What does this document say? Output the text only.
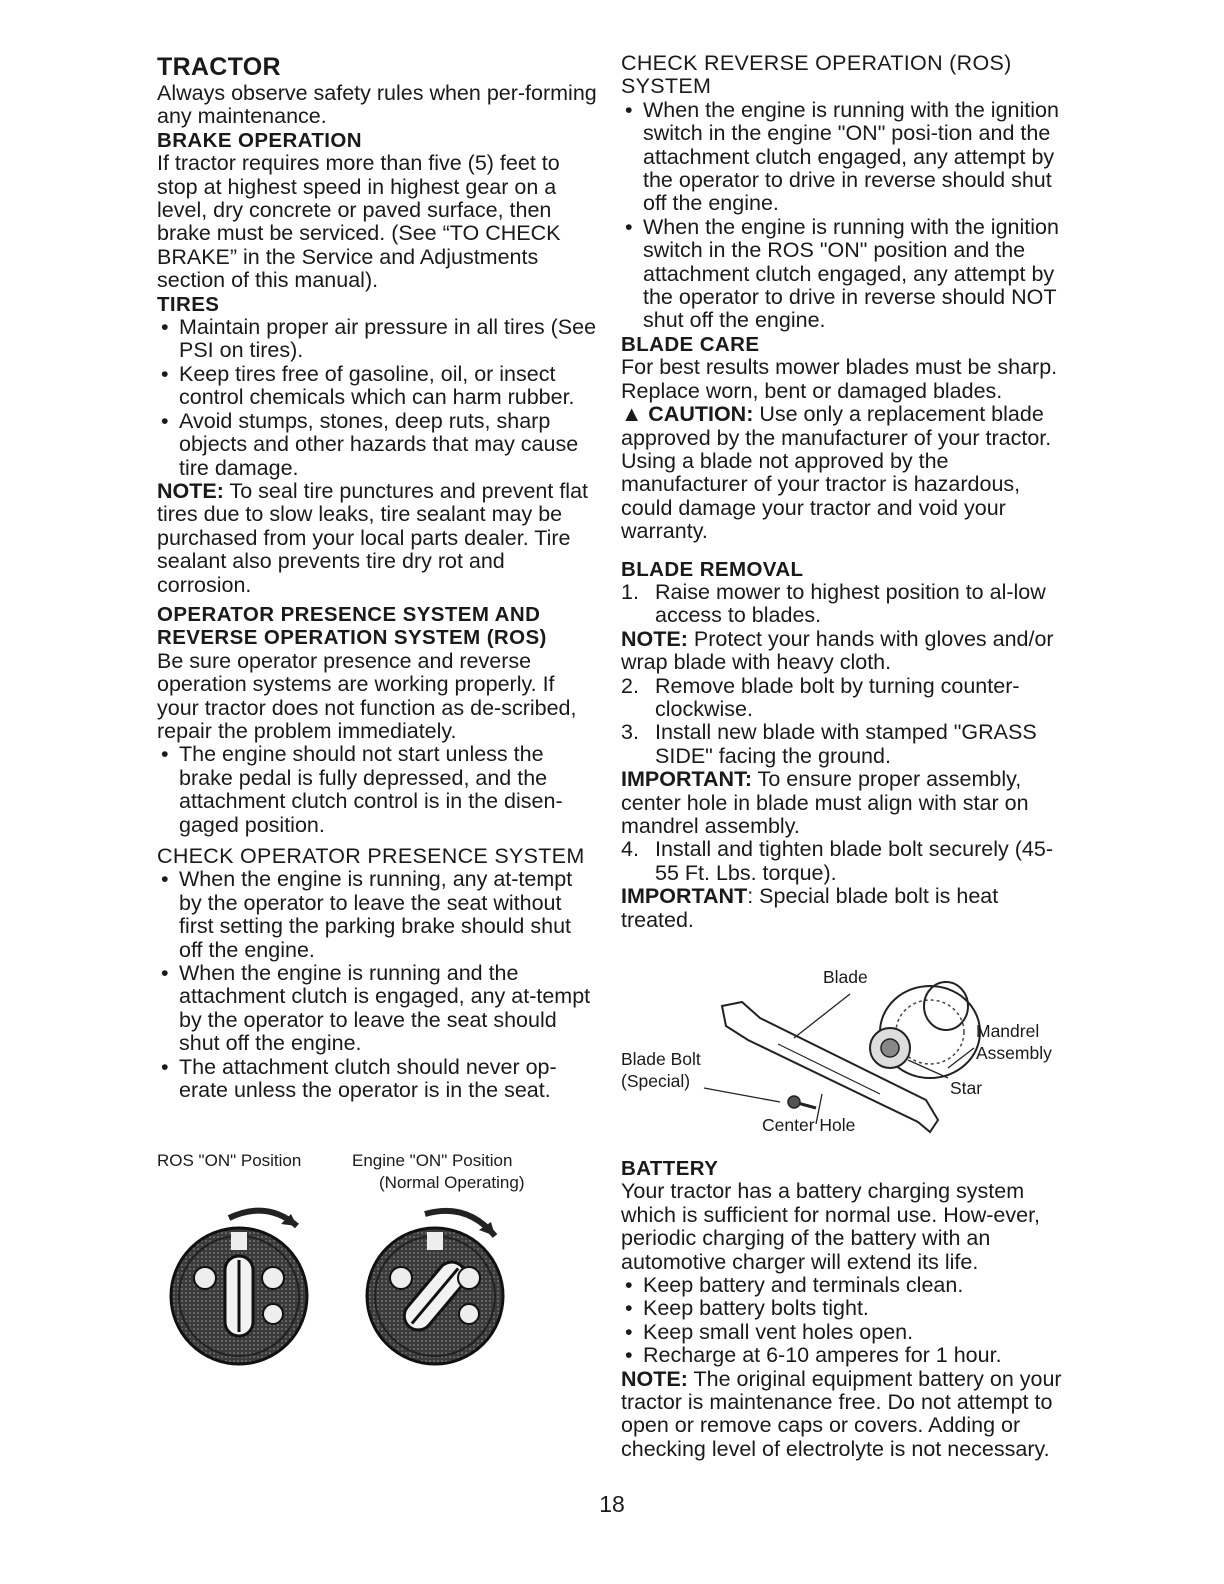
TRACTOR

Always observe safety rules when per-forming any maintenance.

BRAKE OPERATION

If tractor requires more than five (5) feet to stop at highest speed in highest gear on a level, dry concrete or paved surface, then brake must be serviced. (See “TO CHECK BRAKE” in the Service and Adjustments section of this manual).

TIRES
• Maintain proper air pressure in all tires (See PSI on tires).
• Keep tires free of gasoline, oil, or insect control chemicals which can harm rubber.
• Avoid stumps, stones, deep ruts, sharp objects and other hazards that may cause tire damage.

NOTE: To seal tire punctures and prevent flat tires due to slow leaks, tire sealant may be purchased from your local parts dealer. Tire sealant also prevents tire dry rot and corrosion.

OPERATOR PRESENCE SYSTEM AND REVERSE OPERATION SYSTEM (ROS)

Be sure operator presence and reverse operation systems are working properly. If your tractor does not function as de-scribed, repair the problem immediately.

• The engine should not start unless the brake pedal is fully depressed, and the attachment clutch control is in the disen-gaged position.
CHECK OPERATOR PRESENCE SYSTEM
• When the engine is running, any at-tempt by the operator to leave the seat without first setting the parking brake should shut off the engine.
• When the engine is running and the attachment clutch is engaged, any at-tempt by the operator to leave the seat should shut off the engine.
• The attachment clutch should never op-erate unless the operator is in the seat.
ROS "ON" Position	Engine "ON" Position
(Normal Operating)
CHECK REVERSE OPERATION (ROS) SYSTEM
• When the engine is running with the ignition switch in the engine "ON" posi-tion and the attachment clutch engaged, any attempt by the operator to drive in reverse should shut off the engine.
• When the engine is running with the ignition switch in the ROS "ON" position and the attachment clutch engaged, any attempt by the operator to drive in reverse should NOT shut off the engine.
BLADE CARE

For best results mower blades must be sharp. Replace worn, bent or damaged blades.

▲ CAUTION: Use only a replacement blade approved by the manufacturer of your tractor. Using a blade not approved by the manufacturer of your tractor is hazardous, could damage your tractor and void your warranty.

BLADE REMOVAL
1. Raise mower to highest position to al-low access to blades.

NOTE: Protect your hands with gloves and/or wrap blade with heavy cloth.

2. Remove blade bolt by turning counter-clockwise.
3. Install new blade with stamped "GRASS SIDE" facing the ground.

IMPORTANT: To ensure proper assembly, center hole in blade must align with star on mandrel assembly.

4. Install and tighten blade bolt securely (45-55 Ft. Lbs. torque).

IMPORTANT: Special blade bolt is heat treated.

Blade
Mandrel
Assembly
Blade Bolt
(Special)	Star
Center Hole
BATTERY

Your tractor has a battery charging system which is sufficient for normal use. How-ever, periodic charging of the battery with an automotive charger will extend its life.

• Keep battery and terminals clean.
• Keep battery bolts tight.
• Keep small vent holes open.
• Recharge at 6-10 amperes for 1 hour.

NOTE: The original equipment battery on your tractor is maintenance free. Do not attempt to open or remove caps or covers. Adding or checking level of electrolyte is not necessary.

18
